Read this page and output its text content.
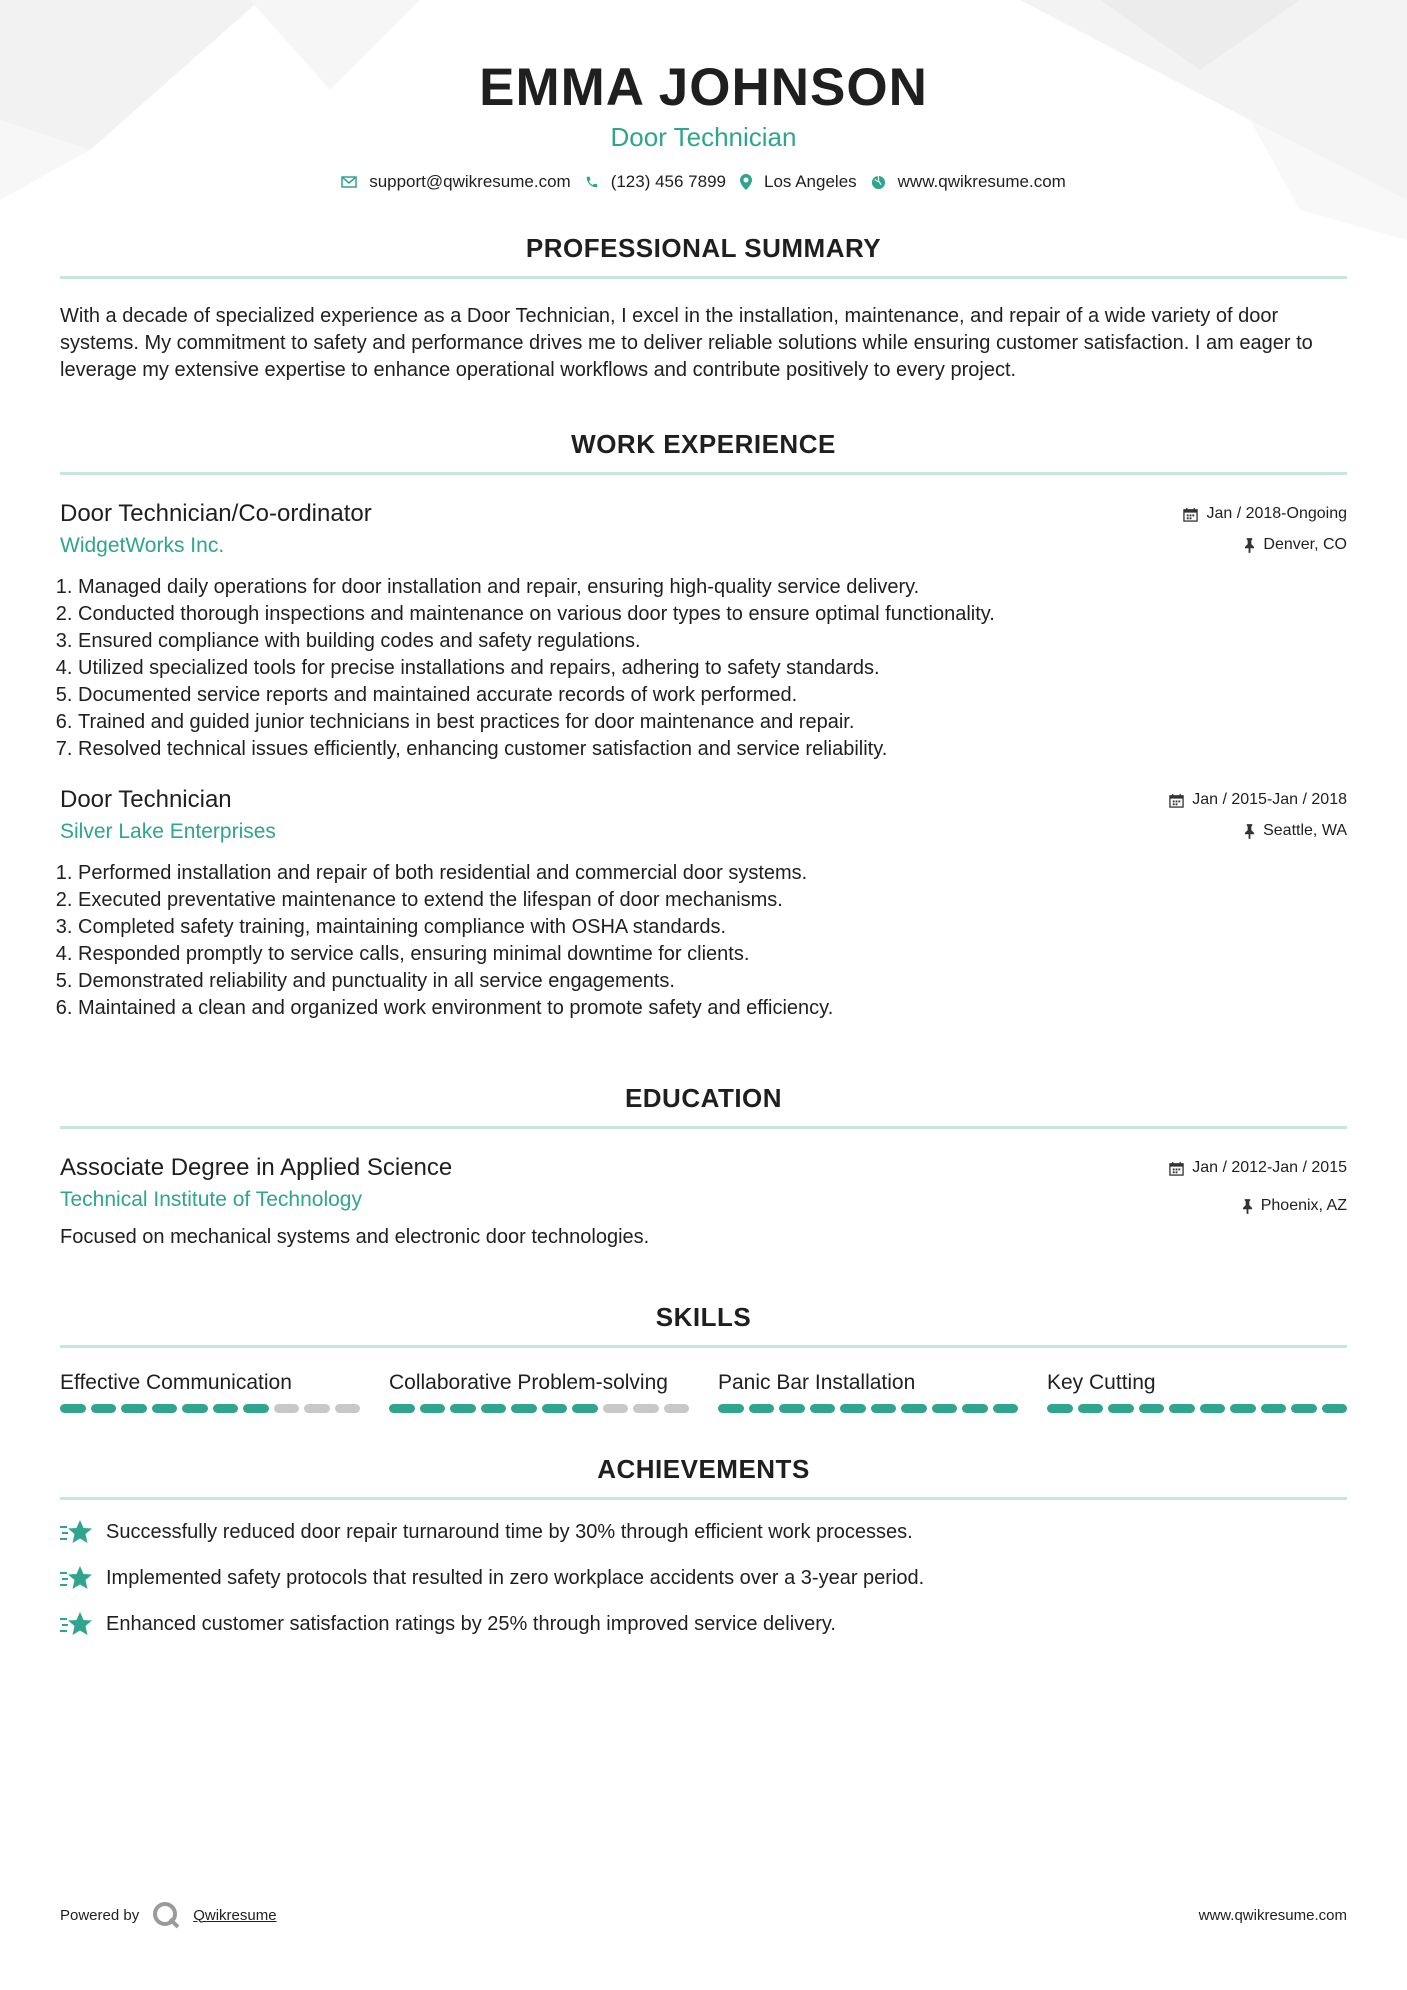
EMMA JOHNSON
Door Technician
support@qwikresume.com (123) 456 7899 Los Angeles www.qwikresume.com
PROFESSIONAL SUMMARY
With a decade of specialized experience as a Door Technician, I excel in the installation, maintenance, and repair of a wide variety of door systems. My commitment to safety and performance drives me to deliver reliable solutions while ensuring customer satisfaction. I am eager to leverage my extensive expertise to enhance operational workflows and contribute positively to every project.
WORK EXPERIENCE
Jan / 2018-Ongoing
Denver, CO
Door Technician/Co-ordinator
WidgetWorks Inc.
1. Managed daily operations for door installation and repair, ensuring high-quality service delivery.
2. Conducted thorough inspections and maintenance on various door types to ensure optimal functionality.
3. Ensured compliance with building codes and safety regulations.
4. Utilized specialized tools for precise installations and repairs, adhering to safety standards.
5. Documented service reports and maintained accurate records of work performed.
6. Trained and guided junior technicians in best practices for door maintenance and repair.
7. Resolved technical issues efficiently, enhancing customer satisfaction and service reliability.
Jan / 2015-Jan / 2018
Seattle, WA
Door Technician
Silver Lake Enterprises
1. Performed installation and repair of both residential and commercial door systems.
2. Executed preventative maintenance to extend the lifespan of door mechanisms.
3. Completed safety training, maintaining compliance with OSHA standards.
4. Responded promptly to service calls, ensuring minimal downtime for clients.
5. Demonstrated reliability and punctuality in all service engagements.
6. Maintained a clean and organized work environment to promote safety and efficiency.
EDUCATION
Jan / 2012-Jan / 2015
Phoenix, AZ
Associate Degree in Applied Science
Technical Institute of Technology
Focused on mechanical systems and electronic door technologies.
SKILLS
Effective Communication	Collaborative Problem-solving	Panic Bar Installation	Key Cutting
ACHIEVEMENTS
Successfully reduced door repair turnaround time by 30% through efficient work processes.
Implemented safety protocols that resulted in zero workplace accidents over a 3-year period.
Enhanced customer satisfaction ratings by 25% through improved service delivery.
Powered by	Qwikresume	www.qwikresume.com
